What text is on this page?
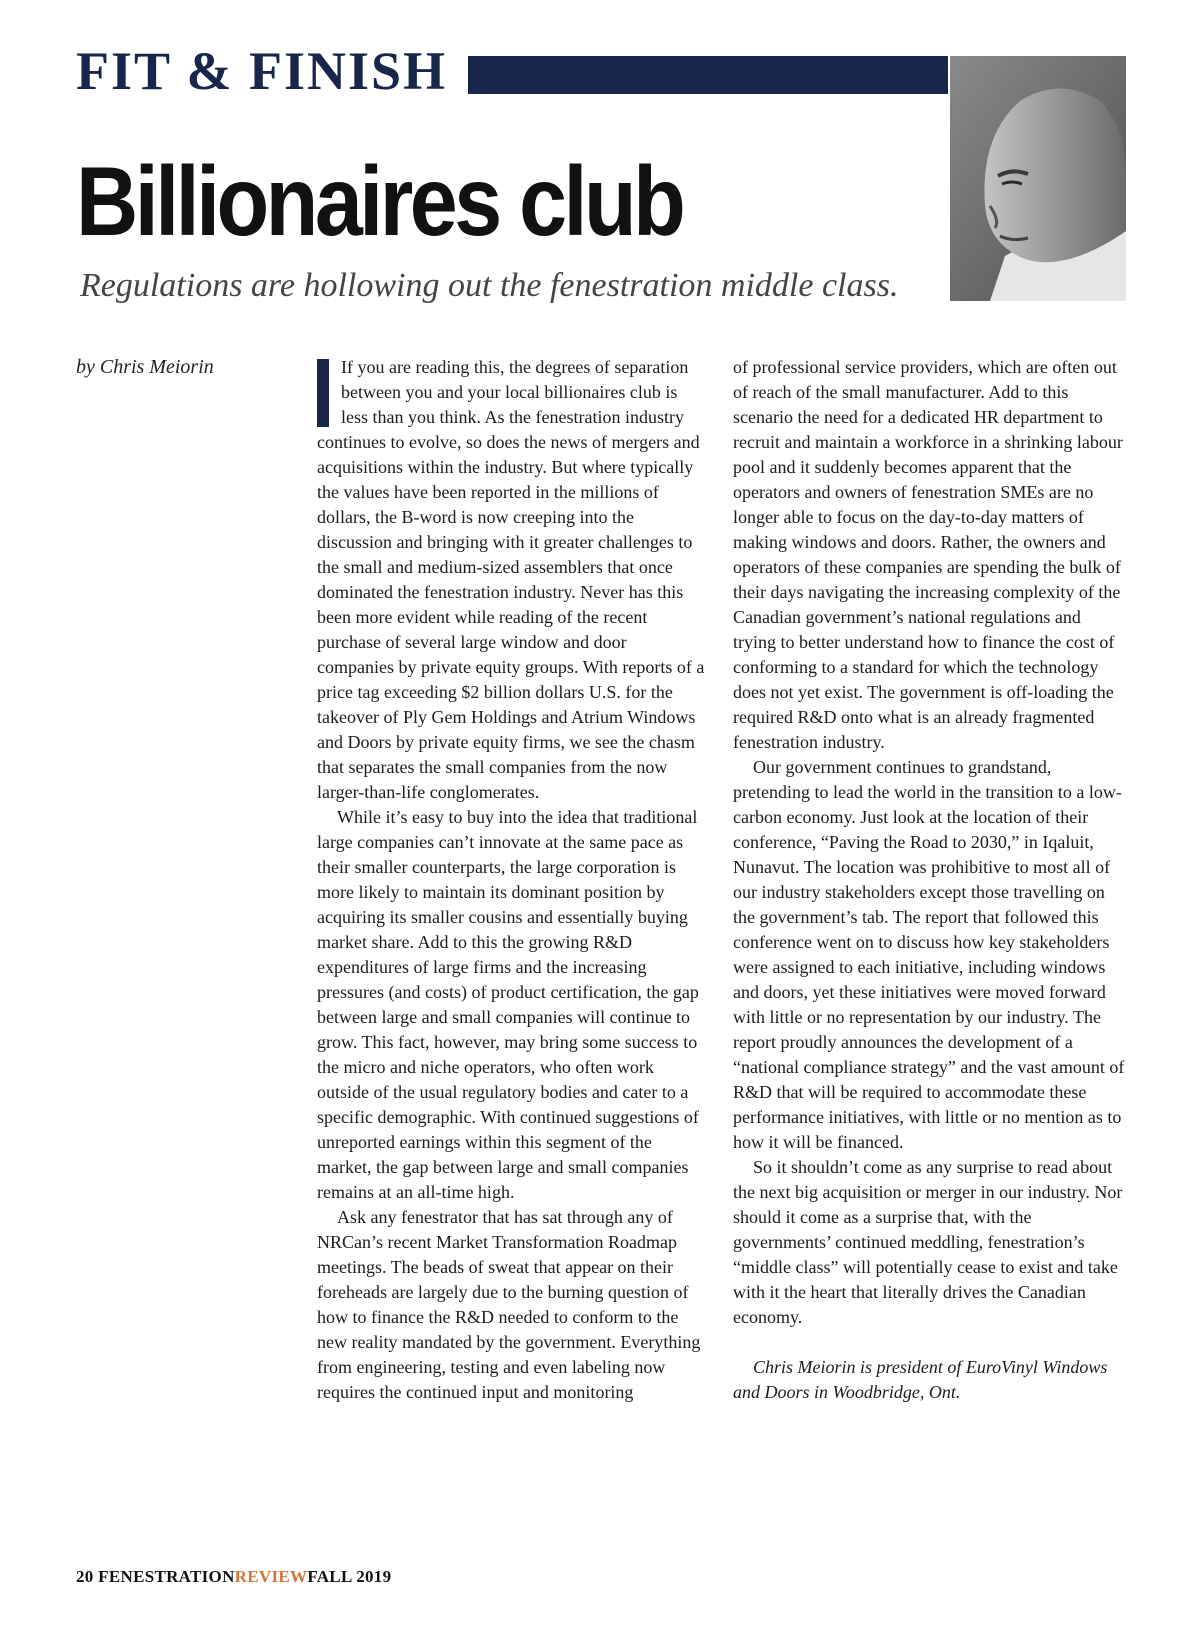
FIT & FINISH
Billionaires club

Regulations are hollowing out the fenestration middle class.

by Chris Meiorin	If you are reading this, the degrees of separation between you and your local billionaires club is less than you think. As the fenestration industry continues to evolve, so does the news of mergers and acquisitions within the industry. But where typically the values have been reported in the millions of dollars, the B-word is now creeping into the discussion and bringing with it greater challenges to the small and medium-sized assemblers that once dominated the fenestration industry. Never has this been more evident while reading of the recent purchase of several large window and door companies by private equity groups. With reports of a price tag exceeding $2 billion dollars U.S. for the takeover of Ply Gem Holdings and Atrium Windows and Doors by private equity firms, we see the chasm that separates the small companies from the now larger-than-life conglomerates.

While it’s easy to buy into the idea that traditional large companies can’t innovate at the same pace as their smaller counterparts, the large corporation is more likely to maintain its dominant position by acquiring its smaller cousins and essentially buying market share. Add to this the growing R&D expenditures of large firms and the increasing pressures (and costs) of product certification, the gap between large and small companies will continue to grow. This fact, however, may bring some success to the micro and niche operators, who often work outside of the usual regulatory bodies and cater to a specific demographic. With continued suggestions of unreported earnings within this segment of the market, the gap between large and small companies remains at an all-time high.

Ask any fenestrator that has sat through any of NRCan’s recent Market Transformation Roadmap meetings. The beads of sweat that appear on their foreheads are largely due to the burning question of how to finance the R&D needed to conform to the new reality mandated by the government. Everything from engineering, testing and even labeling now requires the continued input and monitoring

of professional service providers, which are often out of reach of the small manufacturer. Add to this scenario the need for a dedicated HR department to recruit and maintain a workforce in a shrinking labour pool and it suddenly becomes apparent that the operators and owners of fenestration SMEs are no longer able to focus on the day-to-day matters of making windows and doors. Rather, the owners and operators of these companies are spending the bulk of their days navigating the increasing complexity of the Canadian government’s national regulations and trying to better understand how to finance the cost of conforming to a standard for which the technology does not yet exist. The government is off-loading the required R&D onto what is an already fragmented fenestration industry.

Our government continues to grandstand, pretending to lead the world in the transition to a low-carbon economy. Just look at the location of their conference, “Paving the Road to 2030,” in Iqaluit, Nunavut. The location was prohibitive to most all of our industry stakeholders except those travelling on the government’s tab. The report that followed this conference went on to discuss how key stakeholders were assigned to each initiative, including windows and doors, yet these initiatives were moved forward with little or no representation by our industry. The report proudly announces the development of a “national compliance strategy” and the vast amount of R&D that will be required to accommodate these performance initiatives, with little or no mention as to how it will be financed.

So it shouldn’t come as any surprise to read about the next big acquisition or merger in our industry. Nor should it come as a surprise that, with the governments’ continued meddling, fenestration’s “middle class” will potentially cease to exist and take with it the heart that literally drives the Canadian economy.

Chris Meiorin is president of EuroVinyl Windows and Doors in Woodbridge, Ont.

20 FENESTRATIONREVIEWFALL 2019
